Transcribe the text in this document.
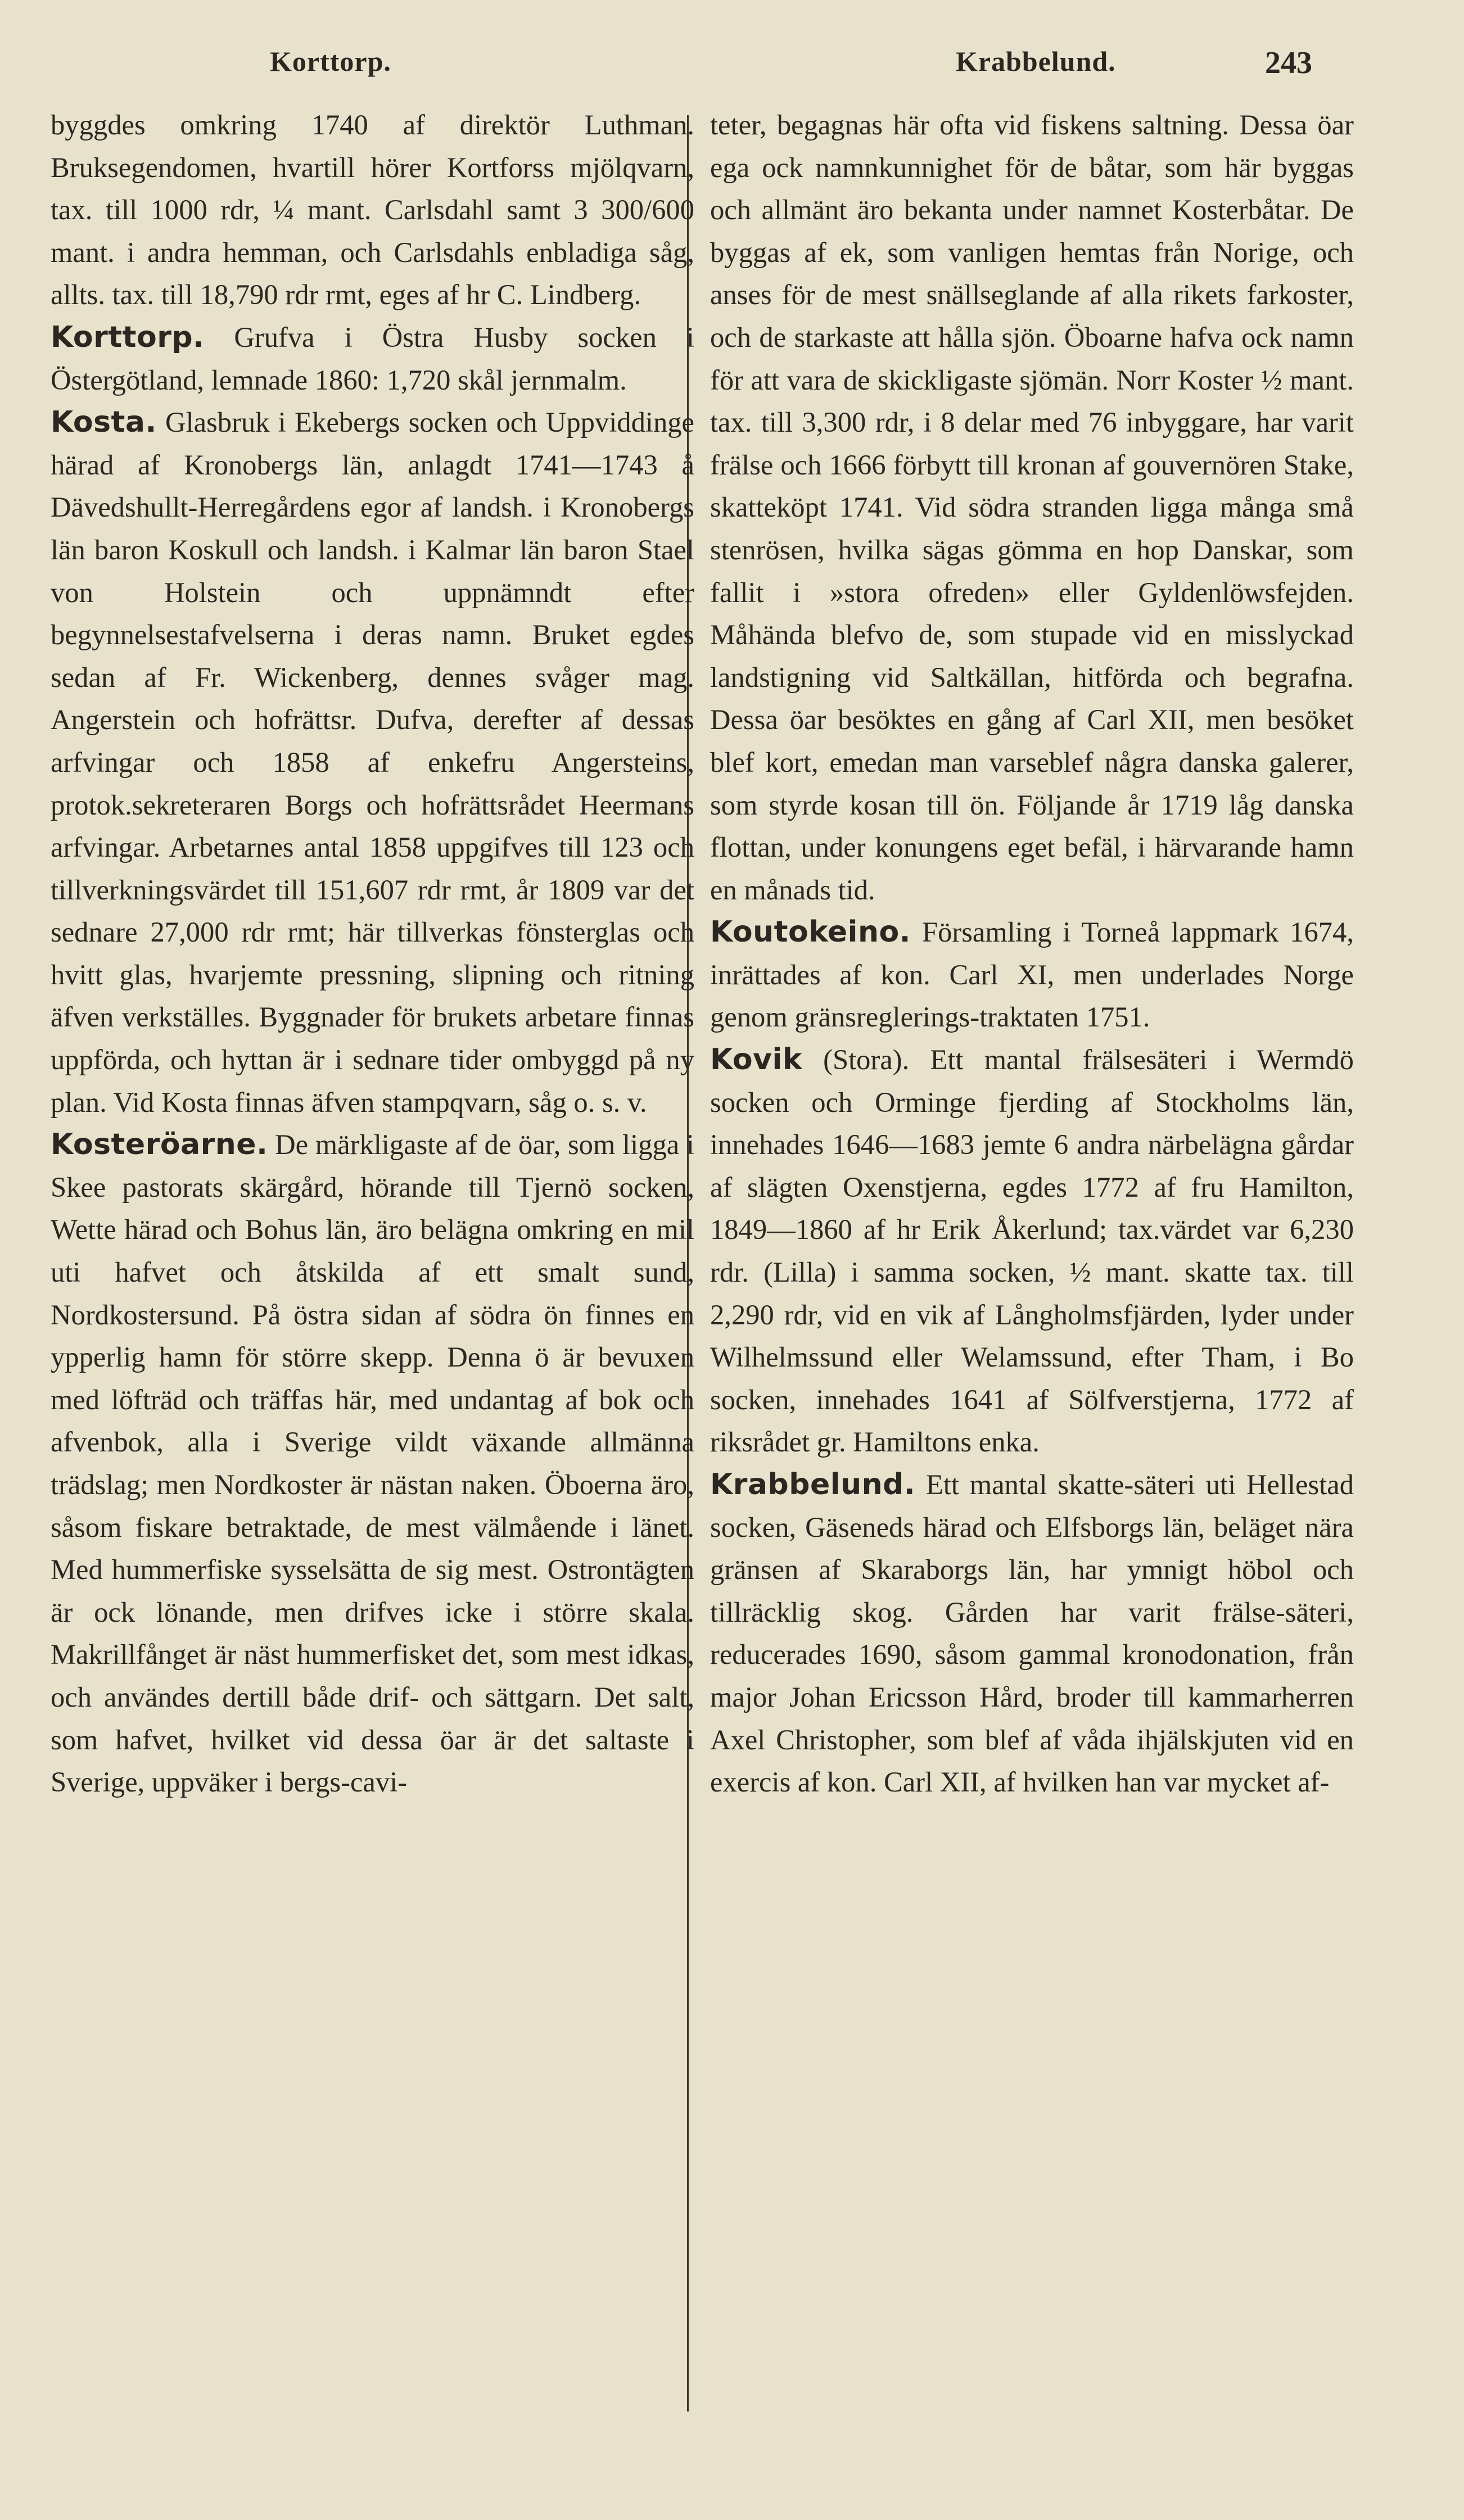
Korttorp.	Krabbelund.	243

byggdes omkring 1740 af direktör Luthman. Bruksegendomen, hvartill hörer Kortforss mjölqvarn, tax. till 1000 rdr, ¼ mant. Carlsdahl samt 3 300/600 mant. i andra hemman, och Carlsdahls enbladiga såg, allts. tax. till 18,790 rdr rmt, eges af hr C. Lindberg.

Korttorp. Grufva i Östra Husby socken i Östergötland, lemnade 1860: 1,720 skål jernmalm.

Kosta. Glasbruk i Ekebergs socken och Uppviddinge härad af Kronobergs län, anlagdt 1741—1743 å Dävedshullt-Herregårdens egor af landsh. i Kronobergs län baron Koskull och landsh. i Kalmar län baron Stael von Holstein och uppnämndt efter begynnelsestafvelserna i deras namn. Bruket egdes sedan af Fr. Wickenberg, dennes svåger mag. Angerstein och hofrättsr. Dufva, derefter af dessas arfvingar och 1858 af enkefru Angersteins, protok.sekreteraren Borgs och hofrättsrådet Heermans arfvingar. Arbetarnes antal 1858 uppgifves till 123 och tillverkningsvärdet till 151,607 rdr rmt, år 1809 var det sednare 27,000 rdr rmt; här tillverkas fönsterglas och hvitt glas, hvarjemte pressning, slipning och ritning äfven verkställes. Byggnader för brukets arbetare finnas uppförda, och hyttan är i sednare tider ombyggd på ny plan. Vid Kosta finnas äfven stampqvarn, såg o. s. v.

Kosteröarne. De märkligaste af de öar, som ligga i Skee pastorats skärgård, hörande till Tjernö socken, Wette härad och Bohus län, äro belägna omkring en mil uti hafvet och åtskilda af ett smalt sund, Nordkostersund. På östra sidan af södra ön finnes en ypperlig hamn för större skepp. Denna ö är bevuxen med löfträd och träffas här, med undantag af bok och afvenbok, alla i Sverige vildt växande allmänna trädslag; men Nordkoster är nästan naken. Öboerna äro, såsom fiskare betraktade, de mest välmående i länet. Med hummerfiske sysselsätta de sig mest. Ostrontägten är ock lönande, men drifves icke i större skala. Makrillfånget är näst hummerfisket det, som mest idkas, och användes dertill både drif- och sättgarn. Det salt, som hafvet, hvilket vid dessa öar är det saltaste i Sverige, uppväker i bergs-cavi-

teter, begagnas här ofta vid fiskens saltning. Dessa öar ega ock namnkunnighet för de båtar, som här byggas och allmänt äro bekanta under namnet Kosterbåtar. De byggas af ek, som vanligen hemtas från Norige, och anses för de mest snällseglande af alla rikets farkoster, och de starkaste att hålla sjön. Öboarne hafva ock namn för att vara de skickligaste sjömän. Norr Koster ½ mant. tax. till 3,300 rdr, i 8 delar med 76 inbyggare, har varit frälse och 1666 förbytt till kronan af gouvernören Stake, skatteköpt 1741. Vid södra stranden ligga många små stenrösen, hvilka sägas gömma en hop Danskar, som fallit i »stora ofreden» eller Gyldenlöwsfejden. Måhända blefvo de, som stupade vid en misslyckad landstigning vid Saltkällan, hitförda och begrafna. Dessa öar besöktes en gång af Carl XII, men besöket blef kort, emedan man varseblef några danska galerer, som styrde kosan till ön. Följande år 1719 låg danska flottan, under konungens eget befäl, i härvarande hamn en månads tid.

Koutokeino. Församling i Torneå lappmark 1674, inrättades af kon. Carl XI, men underlades Norge genom gränsreglerings-traktaten 1751.

Kovik (Stora). Ett mantal frälsesäteri i Wermdö socken och Orminge fjerding af Stockholms län, innehades 1646—1683 jemte 6 andra närbelägna gårdar af slägten Oxenstjerna, egdes 1772 af fru Hamilton, 1849—1860 af hr Erik Åkerlund; tax.värdet var 6,230 rdr. (Lilla) i samma socken, ½ mant. skatte tax. till 2,290 rdr, vid en vik af Långholmsfjärden, lyder under Wilhelmssund eller Welamssund, efter Tham, i Bo socken, innehades 1641 af Sölfverstjerna, 1772 af riksrådet gr. Hamiltons enka.

Krabbelund. Ett mantal skatte-säteri uti Hellestad socken, Gäseneds härad och Elfsborgs län, beläget nära gränsen af Skaraborgs län, har ymnigt höbol och tillräcklig skog. Gården har varit frälse-säteri, reducerades 1690, såsom gammal kronodonation, från major Johan Ericsson Hård, broder till kammarherren Axel Christopher, som blef af våda ihjälskjuten vid en exercis af kon. Carl XII, af hvilken han var mycket af-
